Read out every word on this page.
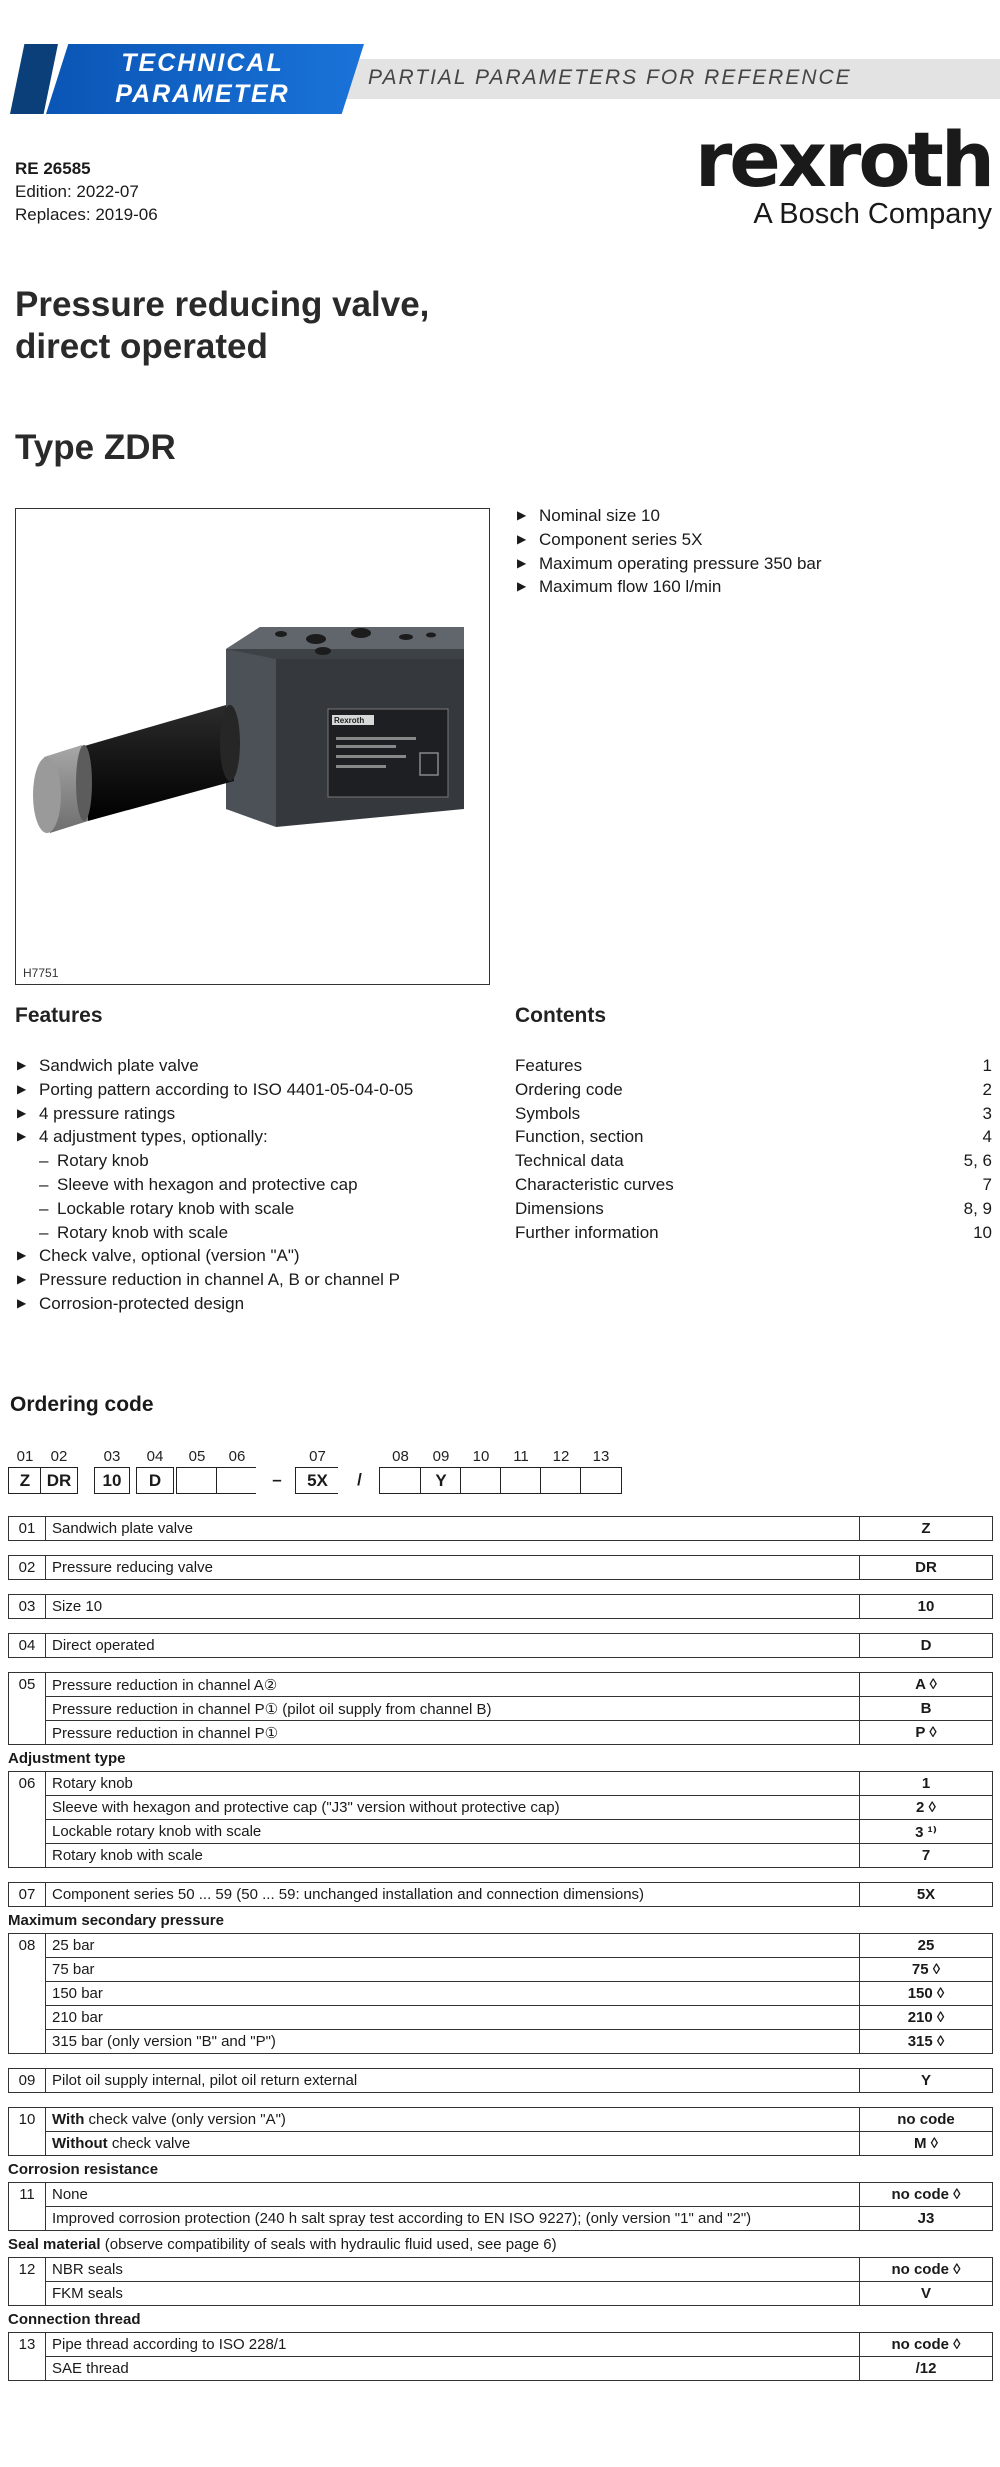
TECHNICAL
PARAMETER
PARTIAL PARAMETERS FOR REFERENCE
RE 26585
Edition: 2022-07
Replaces: 2019-06
rexroth
A Bosch Company
Pressure reducing valve,
direct operated
Type ZDR
Rexroth
H7751
▶ Nominal size 10
▶ Component series 5X
▶ Maximum operating pressure 350 bar
▶ Maximum flow 160 l/min
Features	Contents
▶ Sandwich plate valve
▶ Porting pattern according to ISO 4401-05-04-0-05
▶ 4 pressure ratings
▶ 4 adjustment types, optionally:
– Rotary knob
– Sleeve with hexagon and protective cap
– Lockable rotary knob with scale
– Rotary knob with scale
▶ Check valve, optional (version "A")
▶ Pressure reduction in channel A, B or channel P
▶ Corrosion-protected design
Features	1
Ordering code	2
Symbols	3
Function, section	4
Technical data	5, 6
Characteristic curves	7
Dimensions	8, 9
Further information	10
Ordering code
01	02	03	04	05	06	07	08	09	10	11	12	13
Z DR	10	D	–	5X	/	Y
01	Sandwich plate valve	Z
02	Pressure reducing valve	DR
03	Size 10	10
04	Direct operated	D
05	Pressure reduction in channel A②	A ◊
	Pressure reduction in channel P① (pilot oil supply from channel B)	B
	Pressure reduction in channel P①	P ◊
Adjustment type
06	Rotary knob	1
	Sleeve with hexagon and protective cap ("J3" version without protective cap)	2 ◊
	Lockable rotary knob with scale	3 ¹⁾
	Rotary knob with scale	7
07	Component series 50 ... 59 (50 ... 59: unchanged installation and connection dimensions)	5X
Maximum secondary pressure
08	25 bar	25
	75 bar	75 ◊
	150 bar	150 ◊
	210 bar	210 ◊
	315 bar (only version "B" and "P")	315 ◊
09	Pilot oil supply internal, pilot oil return external	Y
10	With check valve (only version "A")	no code
	Without check valve	M ◊
Corrosion resistance
11	None	no code ◊
	Improved corrosion protection (240 h salt spray test according to EN ISO 9227); (only version "1" and "2")	J3
Seal material (observe compatibility of seals with hydraulic fluid used, see page 6)
12	NBR seals	no code ◊
	FKM seals	V
Connection thread
13	Pipe thread according to ISO 228/1	no code ◊
	SAE thread	/12
